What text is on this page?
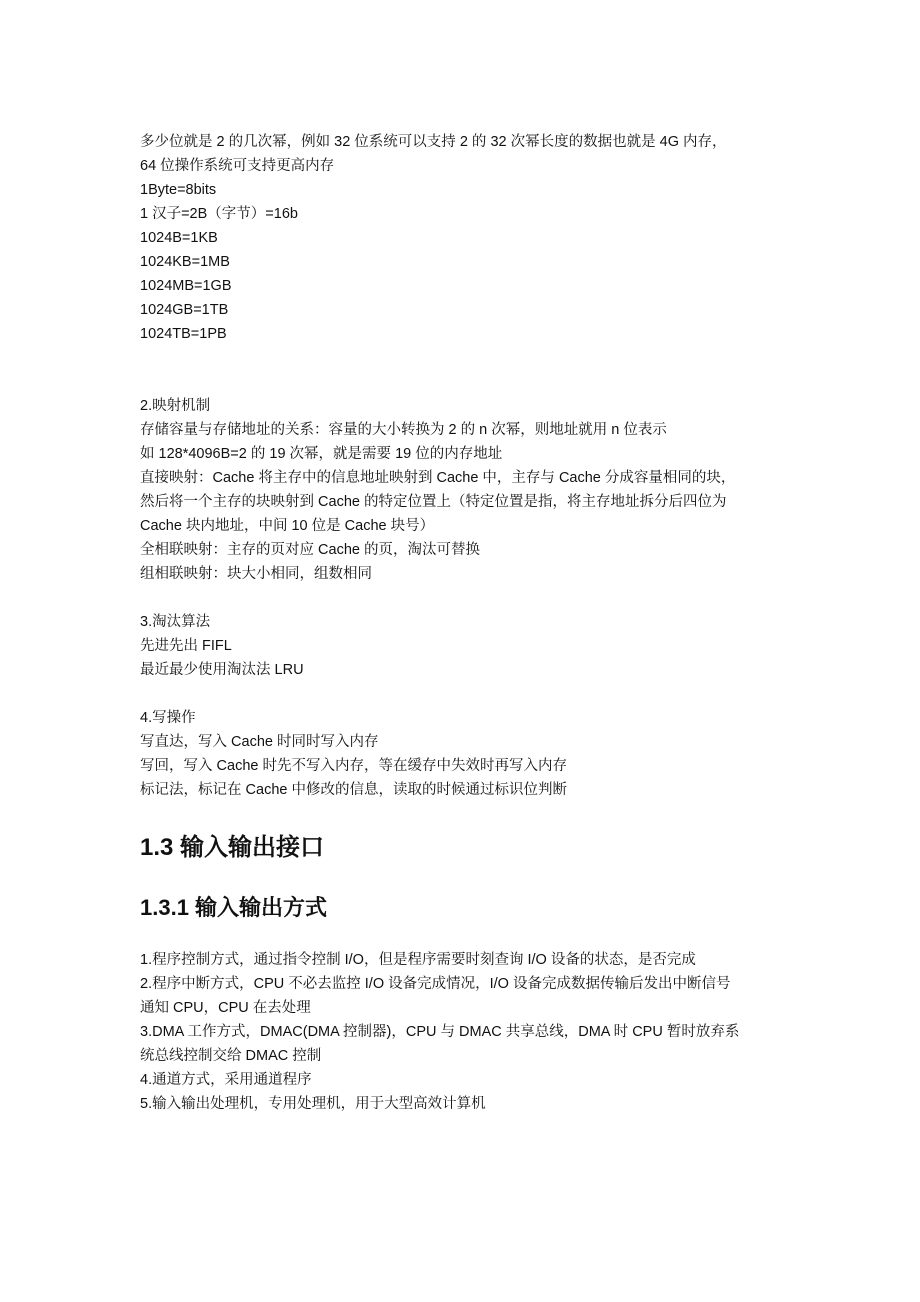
多少位就是 2 的几次幂，例如 32 位系统可以支持 2 的 32 次幂长度的数据也就是 4G 内存，
64 位操作系统可支持更高内存
1Byte=8bits
1 汉子=2B（字节）=16b
1024B=1KB
1024KB=1MB
1024MB=1GB
1024GB=1TB
1024TB=1PB
2.映射机制
存储容量与存储地址的关系：容量的大小转换为 2 的 n 次幂，则地址就用 n 位表示
如 128*4096B=2 的 19 次幂，就是需要 19 位的内存地址
直接映射：Cache 将主存中的信息地址映射到 Cache 中，主存与 Cache 分成容量相同的块，
然后将一个主存的块映射到 Cache 的特定位置上（特定位置是指，将主存地址拆分后四位为
Cache 块内地址，中间 10 位是 Cache 块号）
全相联映射：主存的页对应 Cache 的页，淘汰可替换
组相联映射：块大小相同，组数相同
3.淘汰算法
先进先出 FIFL
最近最少使用淘汰法 LRU
4.写操作
写直达，写入 Cache 时同时写入内存
写回，写入 Cache 时先不写入内存，等在缓存中失效时再写入内存
标记法，标记在 Cache 中修改的信息，读取的时候通过标识位判断
1.3 输入输出接口
1.3.1 输入输出方式
1.程序控制方式，通过指令控制 I/O，但是程序需要时刻查询 I/O 设备的状态，是否完成
2.程序中断方式，CPU 不必去监控 I/O 设备完成情况，I/O 设备完成数据传输后发出中断信号
通知 CPU，CPU 在去处理
3.DMA 工作方式，DMAC(DMA 控制器)，CPU 与 DMAC 共享总线，DMA 时 CPU 暂时放弃系
统总线控制交给 DMAC 控制
4.通道方式，采用通道程序
5.输入输出处理机，专用处理机，用于大型高效计算机
